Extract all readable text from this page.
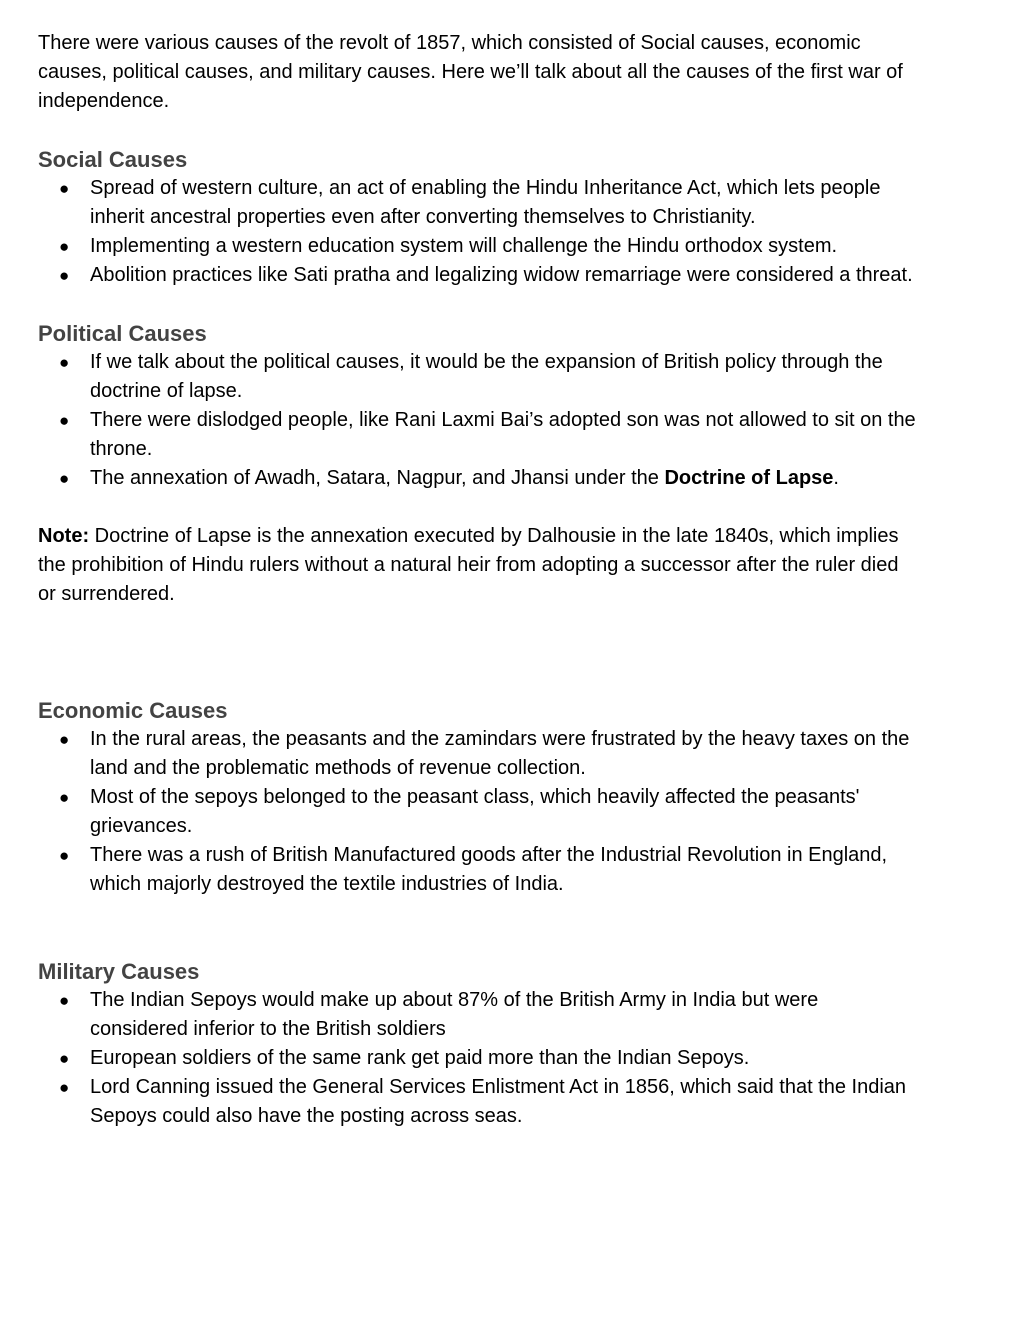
There were various causes of the revolt of 1857, which consisted of Social causes, economic causes, political causes, and military causes. Here we’ll talk about all the causes of the first war of independence.

Social Causes
● Spread of western culture, an act of enabling the Hindu Inheritance Act, which lets people inherit ancestral properties even after converting themselves to Christianity.
● Implementing a western education system will challenge the Hindu orthodox system.
● Abolition practices like Sati pratha and legalizing widow remarriage were considered a threat.
Political Causes
● If we talk about the political causes, it would be the expansion of British policy through the doctrine of lapse.
● There were dislodged people, like Rani Laxmi Bai’s adopted son was not allowed to sit on the throne.
● The annexation of Awadh, Satara, Nagpur, and Jhansi under the Doctrine of Lapse.

Note: Doctrine of Lapse is the annexation executed by Dalhousie in the late 1840s, which implies the prohibition of Hindu rulers without a natural heir from adopting a successor after the ruler died or surrendered.

Economic Causes
● In the rural areas, the peasants and the zamindars were frustrated by the heavy taxes on the land and the problematic methods of revenue collection.
● Most of the sepoys belonged to the peasant class, which heavily affected the peasants' grievances.
● There was a rush of British Manufactured goods after the Industrial Revolution in England, which majorly destroyed the textile industries of India.
Military Causes
● The Indian Sepoys would make up about 87% of the British Army in India but were considered inferior to the British soldiers
● European soldiers of the same rank get paid more than the Indian Sepoys.
● Lord Canning issued the General Services Enlistment Act in 1856, which said that the Indian Sepoys could also have the posting across seas.
